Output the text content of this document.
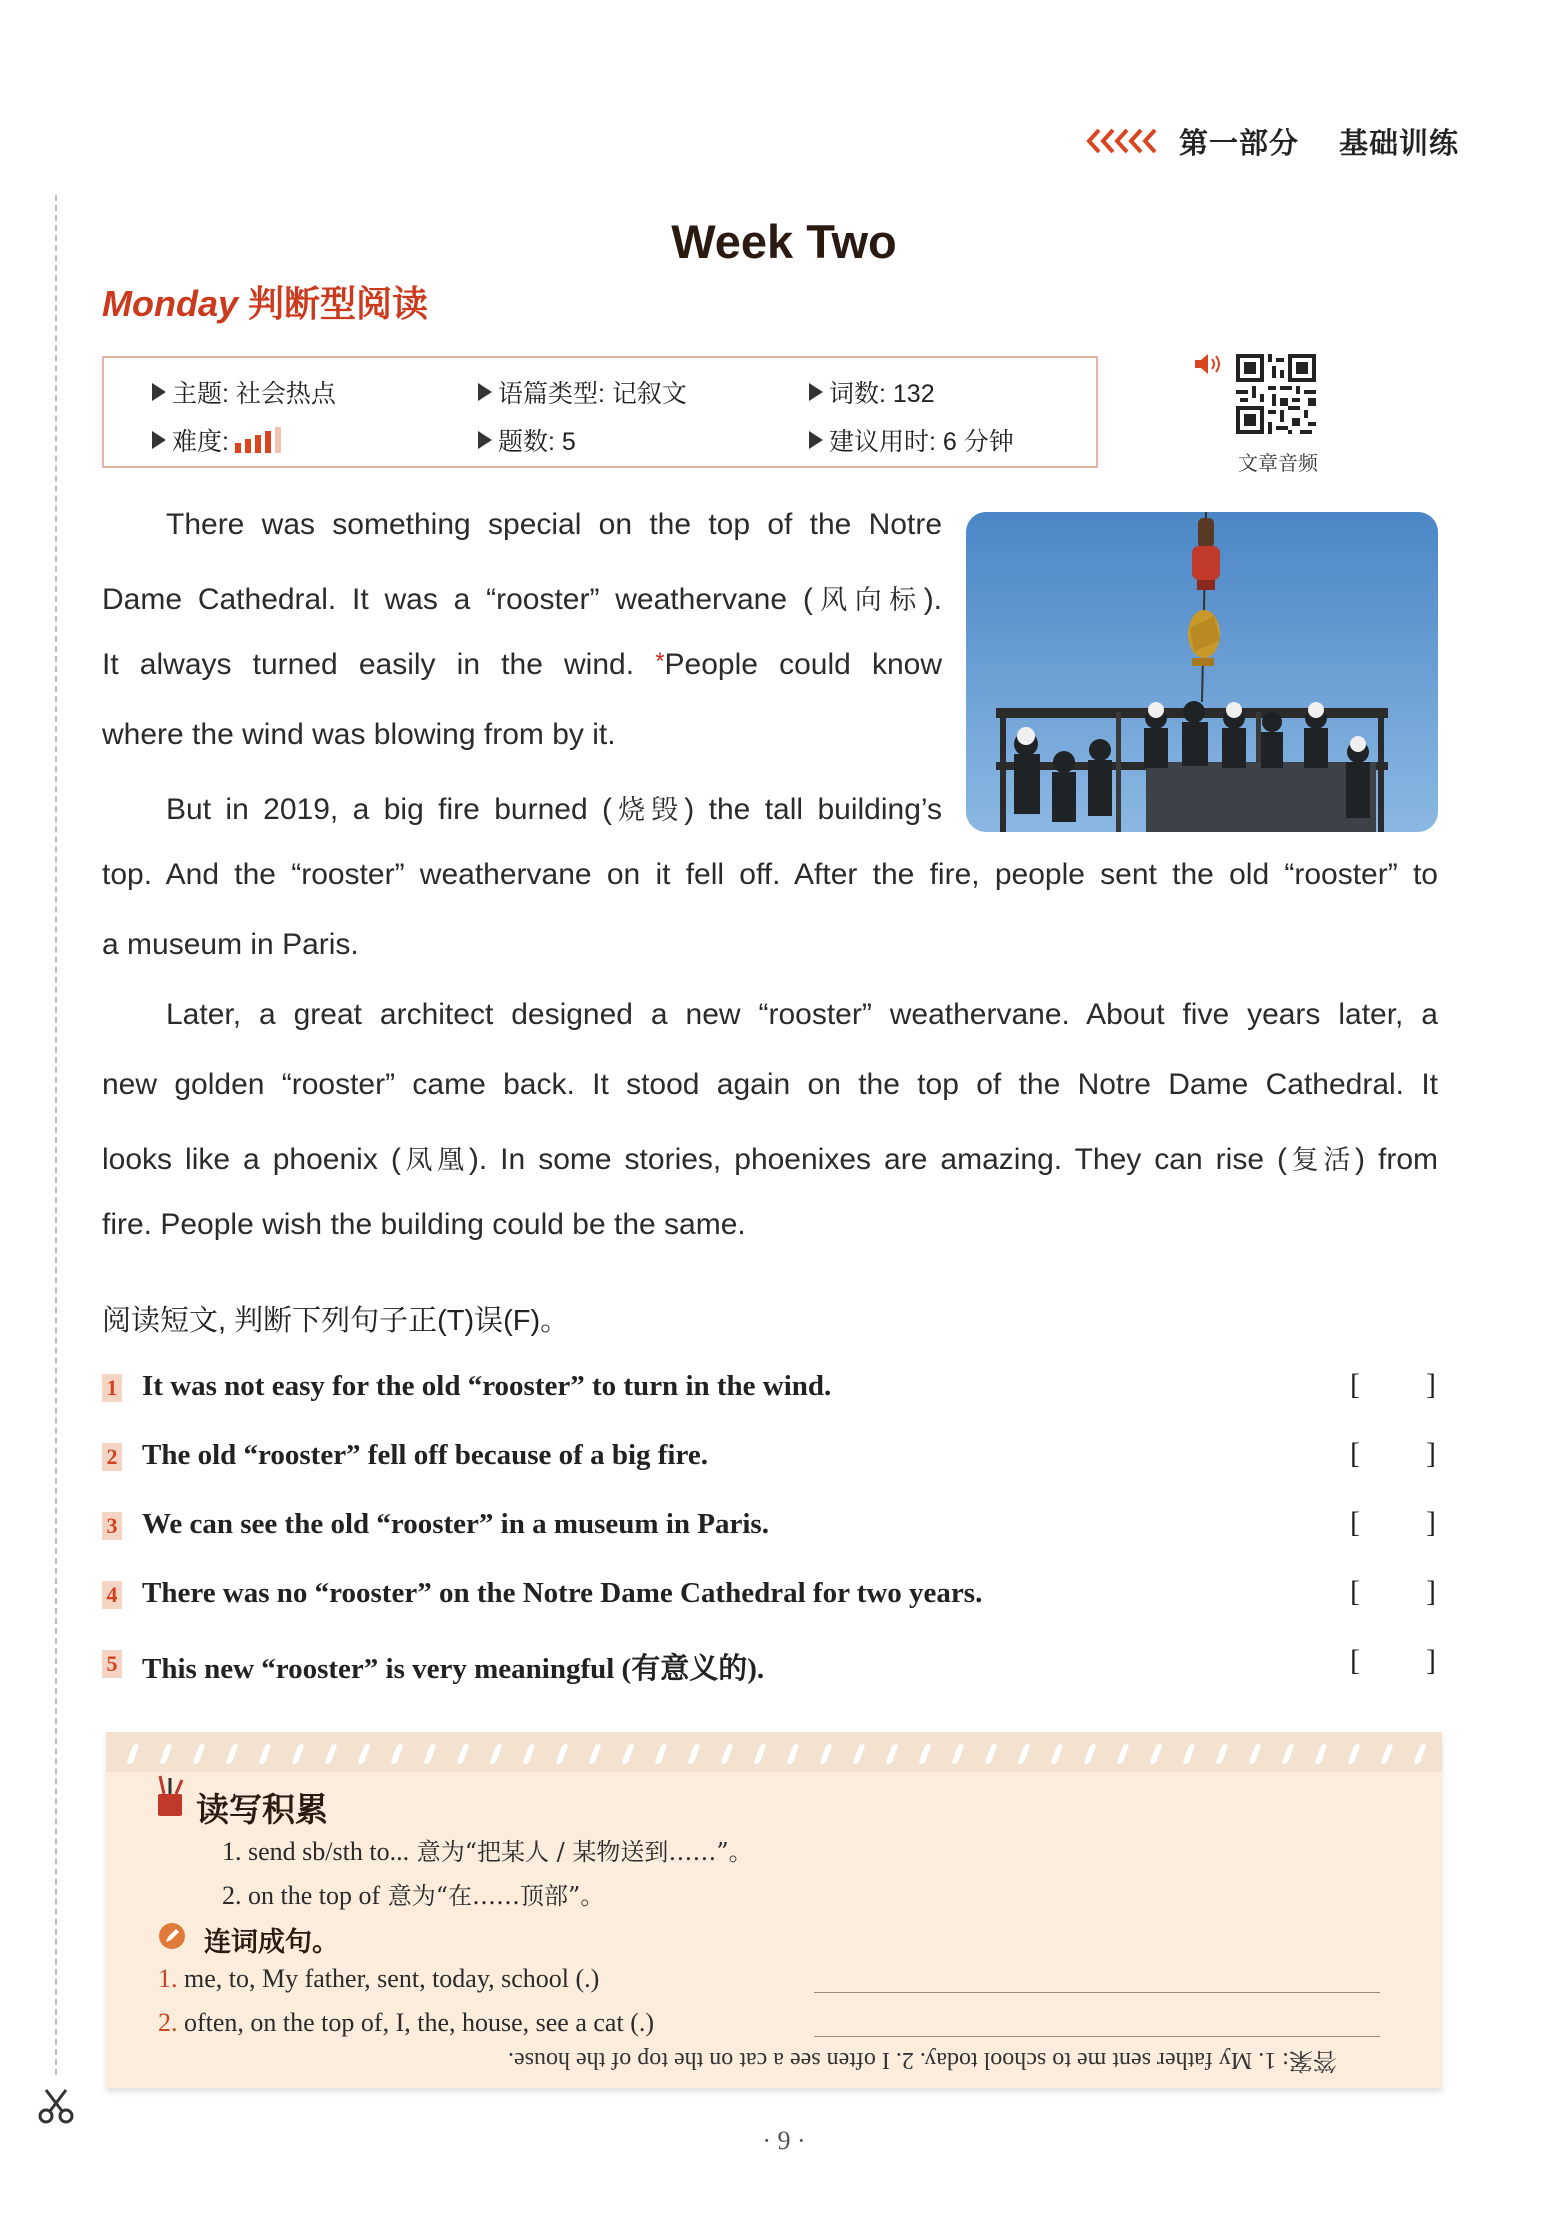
第一部分 基础训练
Week Two
Monday 判断型阅读
主题: 社会热点	语篇类型: 记叙文	词数: 132
难度:	题数: 5	建议用时: 6 分钟
文章音频
There was something special on the top of the Notre
Dame Cathedral. It was a “rooster” weathervane (风向标).
It always turned easily in the wind. *People could know
where the wind was blowing from by it.
But in 2019, a big fire burned (烧毁) the tall building’s
top. And the “rooster” weathervane on it fell off. After the fire, people sent the old “rooster” to
a museum in Paris.
Later, a great architect designed a new “rooster” weathervane. About five years later, a
new golden “rooster” came back. It stood again on the top of the Notre Dame Cathedral. It
looks like a phoenix (凤凰). In some stories, phoenixes are amazing. They can rise (复活) from
fire. People wish the building could be the same.
阅读短文, 判断下列句子正(T)误(F)。
1 It was not easy for the old “rooster” to turn in the wind.	[ ]
2 The old “rooster” fell off because of a big fire.	[ ]
3 We can see the old “rooster” in a museum in Paris.	[ ]
4 There was no “rooster” on the Notre Dame Cathedral for two years.	[ ]
5 This new “rooster” is very meaningful (有意义的).	[ ]
读写积累
1. send sb/sth to... 意为“把某人 / 某物送到……”。
2. on the top of 意为“在……顶部”。
连词成句。
1. me, to, My father, sent, today, school (.)
2. often, on the top of, I, the, house, see a cat (.)
答案: 1. My father sent me to school today. 2. I often see a cat on the top of the house.
· 9 ·
